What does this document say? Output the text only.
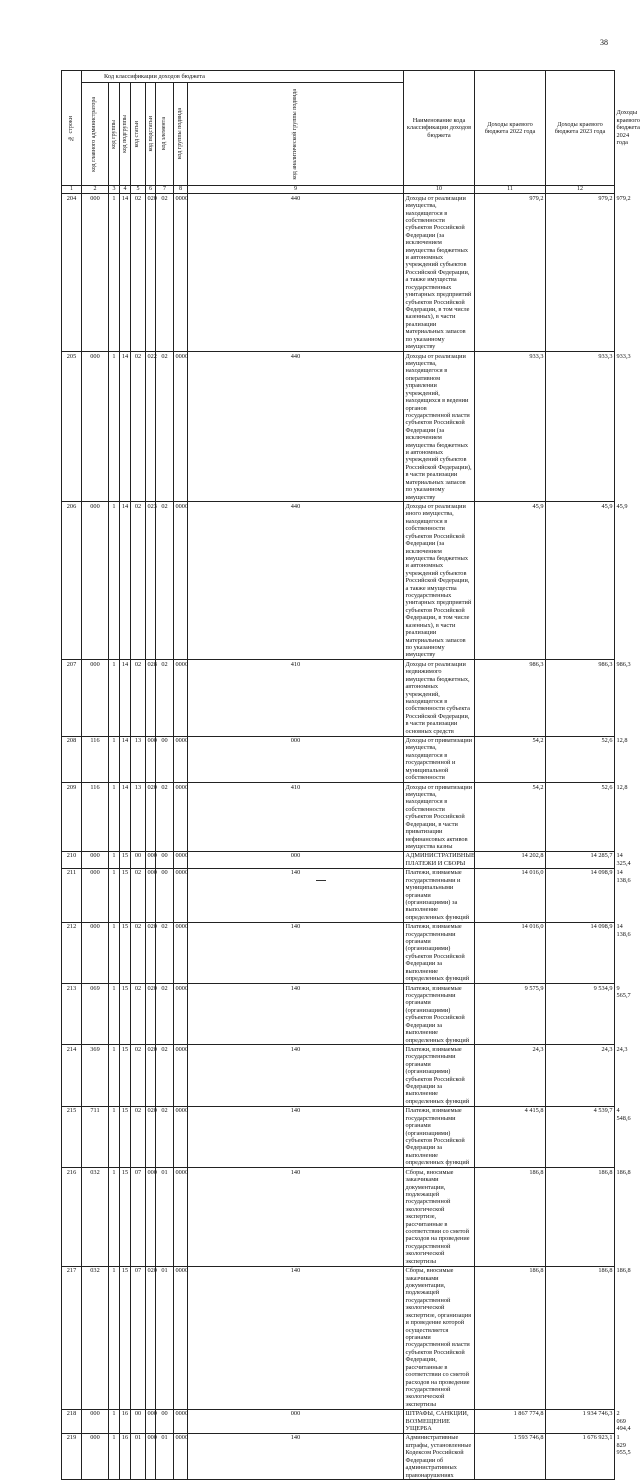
38
№ строки	Код классификации доходов бюджета								Наименование кода классификации доходов бюджета	Доходы краевого бюджета 2022 года	Доходы краевого бюджета 2023 года	Доходы краевого бюджета 2024 года

	код главного администратора	код группы	код подгруппы	код статьи	код подстатьи	код элемента	код группы подвида	код аналитической группы подвида				

1	2	3	4	5	6	7	8	9	10	11	12	
204	000	1	14	02	020	02	0000	440	Доходы от реализации имущества, находящегося в собственности субъектов Российской Федерации (за исключением имущества бюджетных и автономных учреждений субъектов Российской Федерации, а также имущества государственных унитарных предприятий субъектов Российской Федерации, в том числе казенных), в части реализации материальных запасов по указанному имуществу	979,2	979,2	979,2
205	000	1	14	02	022	02	0000	440	Доходы от реализации имущества, находящегося в оперативном управлении учреждений, находящихся в ведении органов государственной власти субъектов Российской Федерации (за исключением имущества бюджетных и автономных учреждений субъектов Российской Федерации), в части реализации материальных запасов по указанному имуществу	933,3	933,3	933,3
206	000	1	14	02	023	02	0000	440	Доходы от реализации иного имущества, находящегося в собственности субъектов Российской Федерации (за исключением имущества бюджетных и автономных учреждений субъектов Российской Федерации, а также имущества государственных унитарных предприятий субъектов Российской Федерации, в том числе казенных), в части реализации материальных запасов по указанному имуществу	45,9	45,9	45,9
207	000	1	14	02	028	02	0000	410	Доходы от реализации недвижимого имущества бюджетных, автономных учреждений, находящегося в собственности субъекта Российской Федерации, в части реализации основных средств	986,3	986,3	986,3
208	116	1	14	13	000	00	0000	000	Доходы от приватизации имущества, находящегося в государственной и муниципальной собственности	54,2	52,6	12,8
209	116	1	14	13	020	02	0000	410	Доходы от приватизации имущества, находящегося в собственности субъектов Российской Федерации, в части приватизации нефинансовых активов имущества казны	54,2	52,6	12,8
210	000	1	15	00	000	00	0000	000	АДМИНИСТРАТИВНЫЕ ПЛАТЕЖИ И СБОРЫ	14 202,8	14 285,7	14 325,4
211	000	1	15	02	000	00	0000	140	Платежи, взимаемые государственными и муниципальными органами (организациями) за выполнение определенных функций	14 016,0	14 098,9	14 138,6
212	000	1	15	02	020	02	0000	140	Платежи, взимаемые государственными органами (организациями) субъектов Российской Федерации за выполнение определенных функций	14 016,0	14 098,9	14 138,6
213	069	1	15	02	020	02	0000	140	Платежи, взимаемые государственными органами (организациями) субъектов Российской Федерации за выполнение определенных функций	9 575,9	9 534,9	9 565,7
214	369	1	15	02	020	02	0000	140	Платежи, взимаемые государственными органами (организациями) субъектов Российской Федерации за выполнение определенных функций	24,3	24,3	24,3
215	711	1	15	02	020	02	0000	140	Платежи, взимаемые государственными органами (организациями) субъектов Российской Федерации за выполнение определенных функций	4 415,8	4 539,7	4 548,6
216	032	1	15	07	000	01	0000	140	Сборы, вносимые заказчиками документации, подлежащей государственной экологической экспертизе, рассчитанные в соответствии со сметой расходов на проведение государственной экологической экспертизы	186,8	186,8	186,8
217	032	1	15	07	020	01	0000	140	Сборы, вносимые заказчиками документации, подлежащей государственной экологической экспертизе, организация и проведение которой осуществляется органами государственной власти субъектов Российской Федерации, рассчитанные в соответствии со сметой расходов на проведение государственной экологической экспертизы	186,8	186,8	186,8
218	000	1	16	00	000	00	0000	000	ШТРАФЫ, САНКЦИИ, ВОЗМЕЩЕНИЕ УЩЕРБА	1 867 774,8	1 934 746,3	2 069 494,4
219	000	1	16	01	000	01	0000	140	Административные штрафы, установленные Кодексом Российской Федерации об административных правонарушениях	1 593 746,8	1 676 923,1	1 829 955,5
